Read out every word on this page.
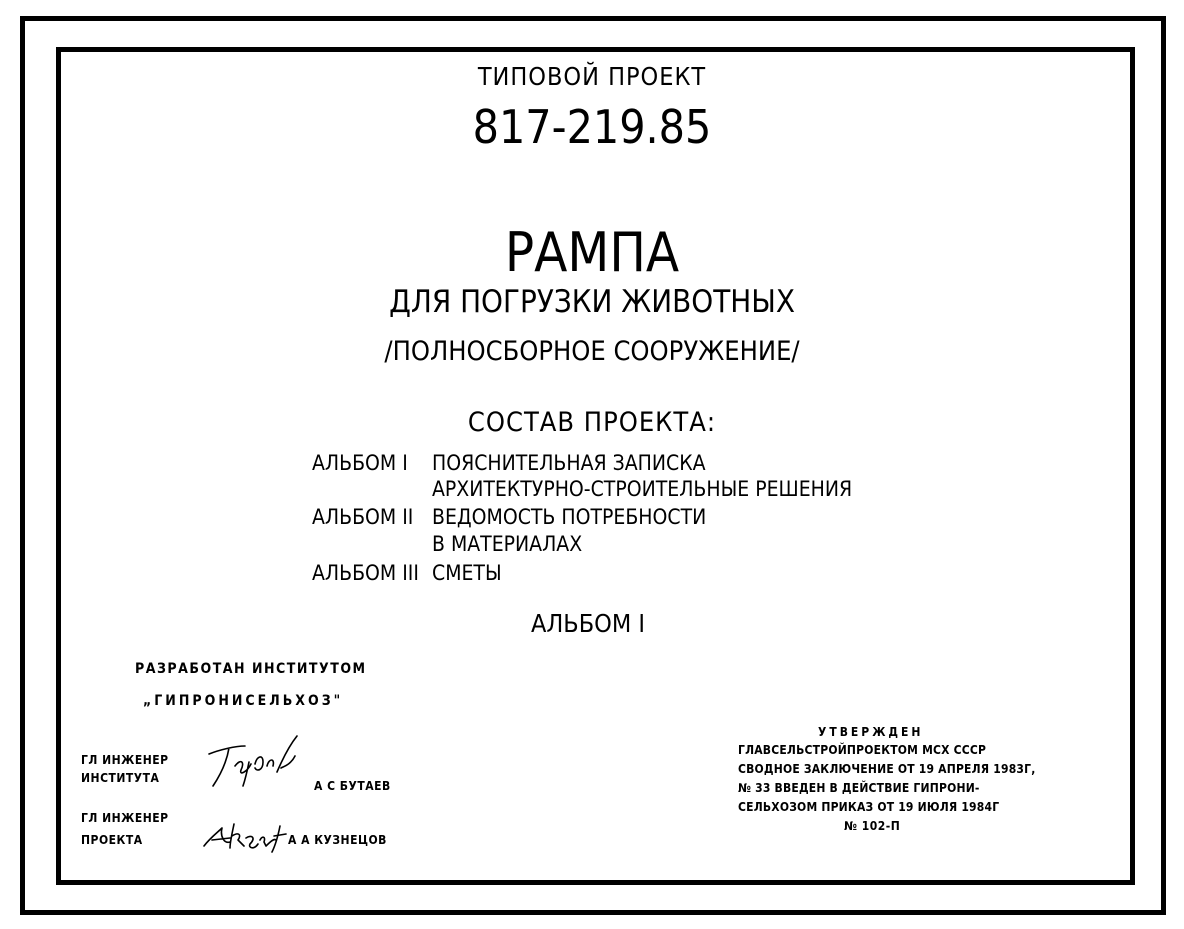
ТИПОВОЙ ПРОЕКТ
817-219.85
РАМПА
ДЛЯ ПОГРУЗКИ ЖИВОТНЫХ
/ПОЛНОСБОРНОЕ СООРУЖЕНИЕ/
СОСТАВ ПРОЕКТА:
АЛЬБОМ I ПОЯСНИТЕЛЬНАЯ ЗАПИСКА
АРХИТЕКТУРНО-СТРОИТЕЛЬНЫЕ РЕШЕНИЯ
АЛЬБОМ II ВЕДОМОСТЬ ПОТРЕБНОСТИ
В МАТЕРИАЛАХ
АЛЬБОМ III СМЕТЫ
АЛЬБОМ I
РАЗРАБОТАН ИНСТИТУТОМ
„ГИПРОНИСЕЛЬХОЗ"
ГЛ ИНЖЕНЕР
ИНСТИТУТА
А С БУТАЕВ
ГЛ ИНЖЕНЕР
ПРОЕКТА	А А КУЗНЕЦОВ
УТВЕРЖДЕН
ГЛАВСЕЛЬСТРОЙПРОЕКТОМ МСХ СССР
СВОДНОЕ ЗАКЛЮЧЕНИЕ ОТ 19 АПРЕЛЯ 1983Г,
№ 33 ВВЕДЕН В ДЕЙСТВИЕ ГИПРОНИ-
СЕЛЬХОЗОМ ПРИКАЗ ОТ 19 ИЮЛЯ 1984Г
№ 102-П
